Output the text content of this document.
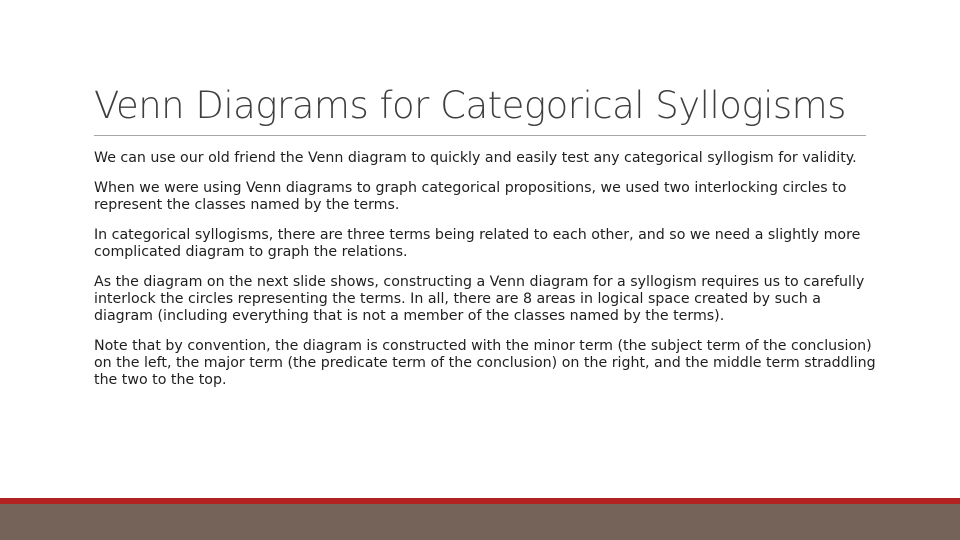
Venn Diagrams for Categorical Syllogisms

We can use our old friend the Venn diagram to quickly and easily test any categorical syllogism for validity.

When we were using Venn diagrams to graph categorical propositions, we used two interlocking circles to represent the classes named by the terms.

In categorical syllogisms, there are three terms being related to each other, and so we need a slightly more complicated diagram to graph the relations.

As the diagram on the next slide shows, constructing a Venn diagram for a syllogism requires us to carefully interlock the circles representing the terms. In all, there are 8 areas in logical space created by such a diagram (including everything that is not a member of the classes named by the terms).

Note that by convention, the diagram is constructed with the minor term (the subject term of the conclusion) on the left, the major term (the predicate term of the conclusion) on the right, and the middle term straddling the two to the top.
